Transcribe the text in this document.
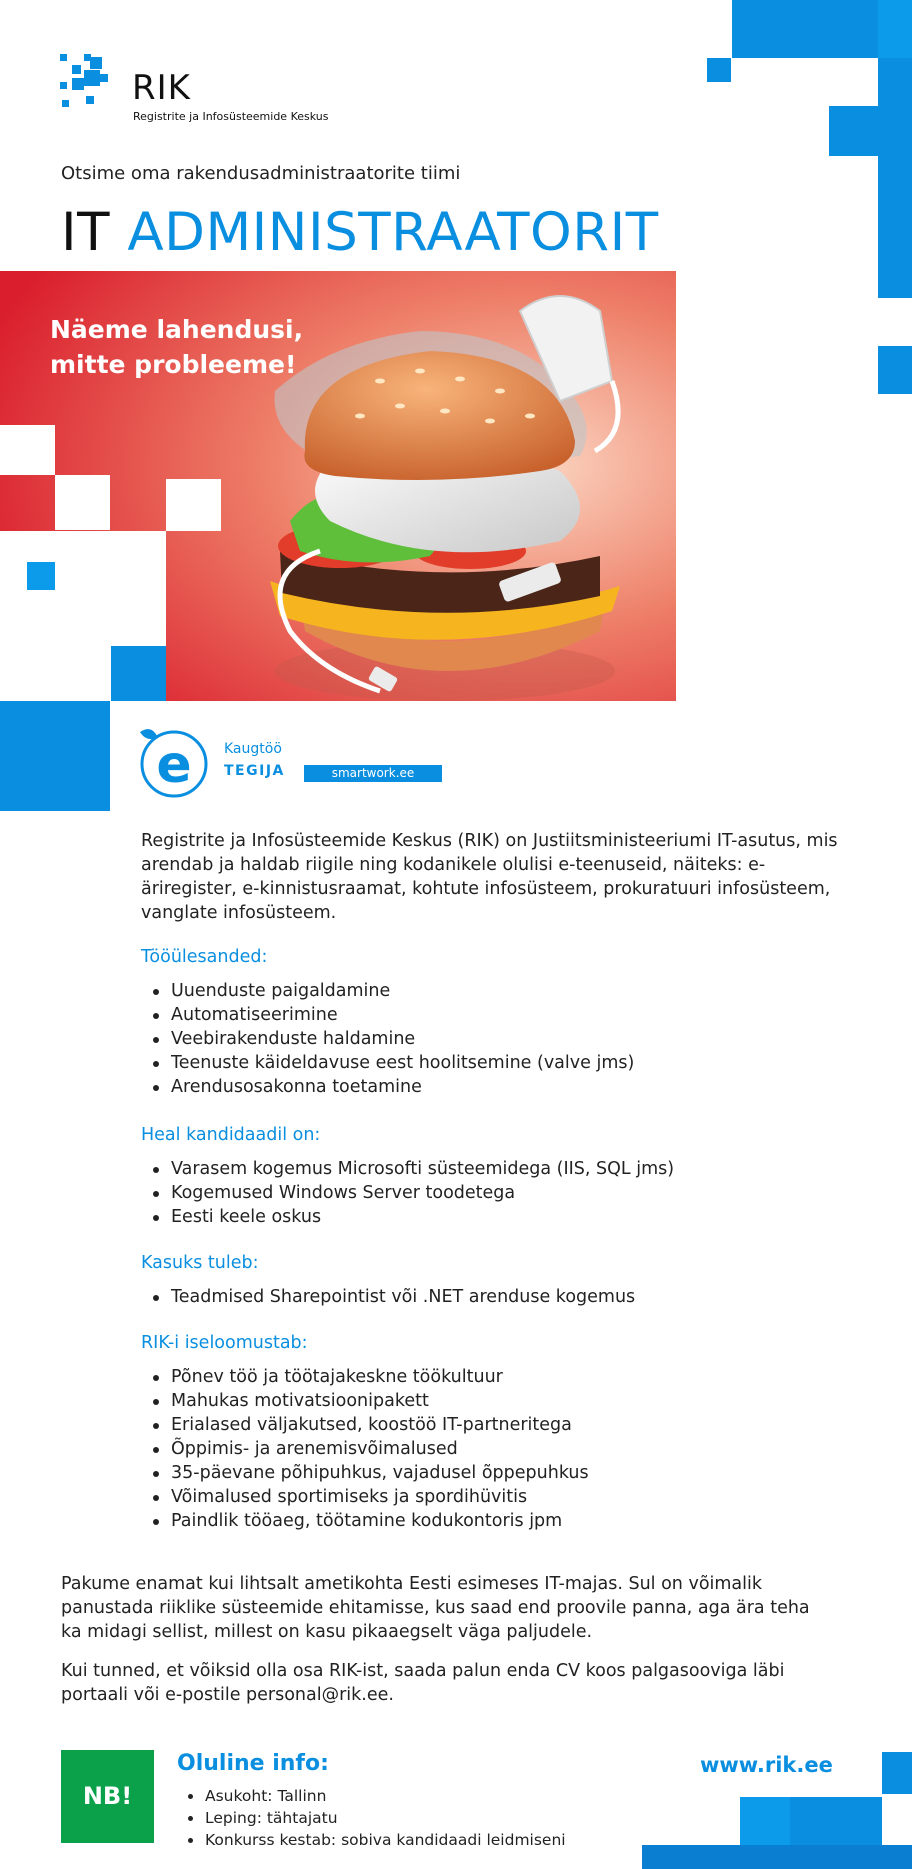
RIK
Registrite ja Infosüsteemide Keskus
Otsime oma rakendusadministraatorite tiimi
IT ADMINISTRAATORIT
Näeme lahendusi,
mitte probleeme!
e Kaugtöö
TEGIJA	smartwork.ee
Registrite ja Infosüsteemide Keskus (RIK) on Justiitsministeeriumi IT-asutus, mis arendab ja haldab riigile ning kodanikele olulisi e-teenuseid, näiteks: e-äriregister, e-kinnistusraamat, kohtute infosüsteem, prokuratuuri infosüsteem, vanglate infosüsteem.
Tööülesanded:
Uuenduste paigaldamine
Automatiseerimine
Veebirakenduste haldamine
Teenuste käideldavuse eest hoolitsemine (valve jms)
Arendusosakonna toetamine
Heal kandidaadil on:
Varasem kogemus Microsofti süsteemidega (IIS, SQL jms)
Kogemused Windows Server toodetega
Eesti keele oskus
Kasuks tuleb:
Teadmised Sharepointist või .NET arenduse kogemus
RIK-i iseloomustab:
Põnev töö ja töötajakeskne töökultuur
Mahukas motivatsioonipakett
Erialased väljakutsed, koostöö IT-partneritega
Õppimis- ja arenemisvõimalused
35-päevane põhipuhkus, vajadusel õppepuhkus
Võimalused sportimiseks ja spordihüvitis
Paindlik tööaeg, töötamine kodukontoris jpm
Pakume enamat kui lihtsalt ametikohta Eesti esimeses IT-majas. Sul on võimalik panustada riiklike süsteemide ehitamisse, kus saad end proovile panna, aga ära teha ka midagi sellist, millest on kasu pikaaegselt väga paljudele.
Kui tunned, et võiksid olla osa RIK-ist, saada palun enda CV koos palgasooviga läbi portaali või e-postile personal@rik.ee.
NB!
Oluline info:
Asukoht: Tallinn
Leping: tähtajatu
Konkurss kestab: sobiva kandidaadi leidmiseni
www.rik.ee
